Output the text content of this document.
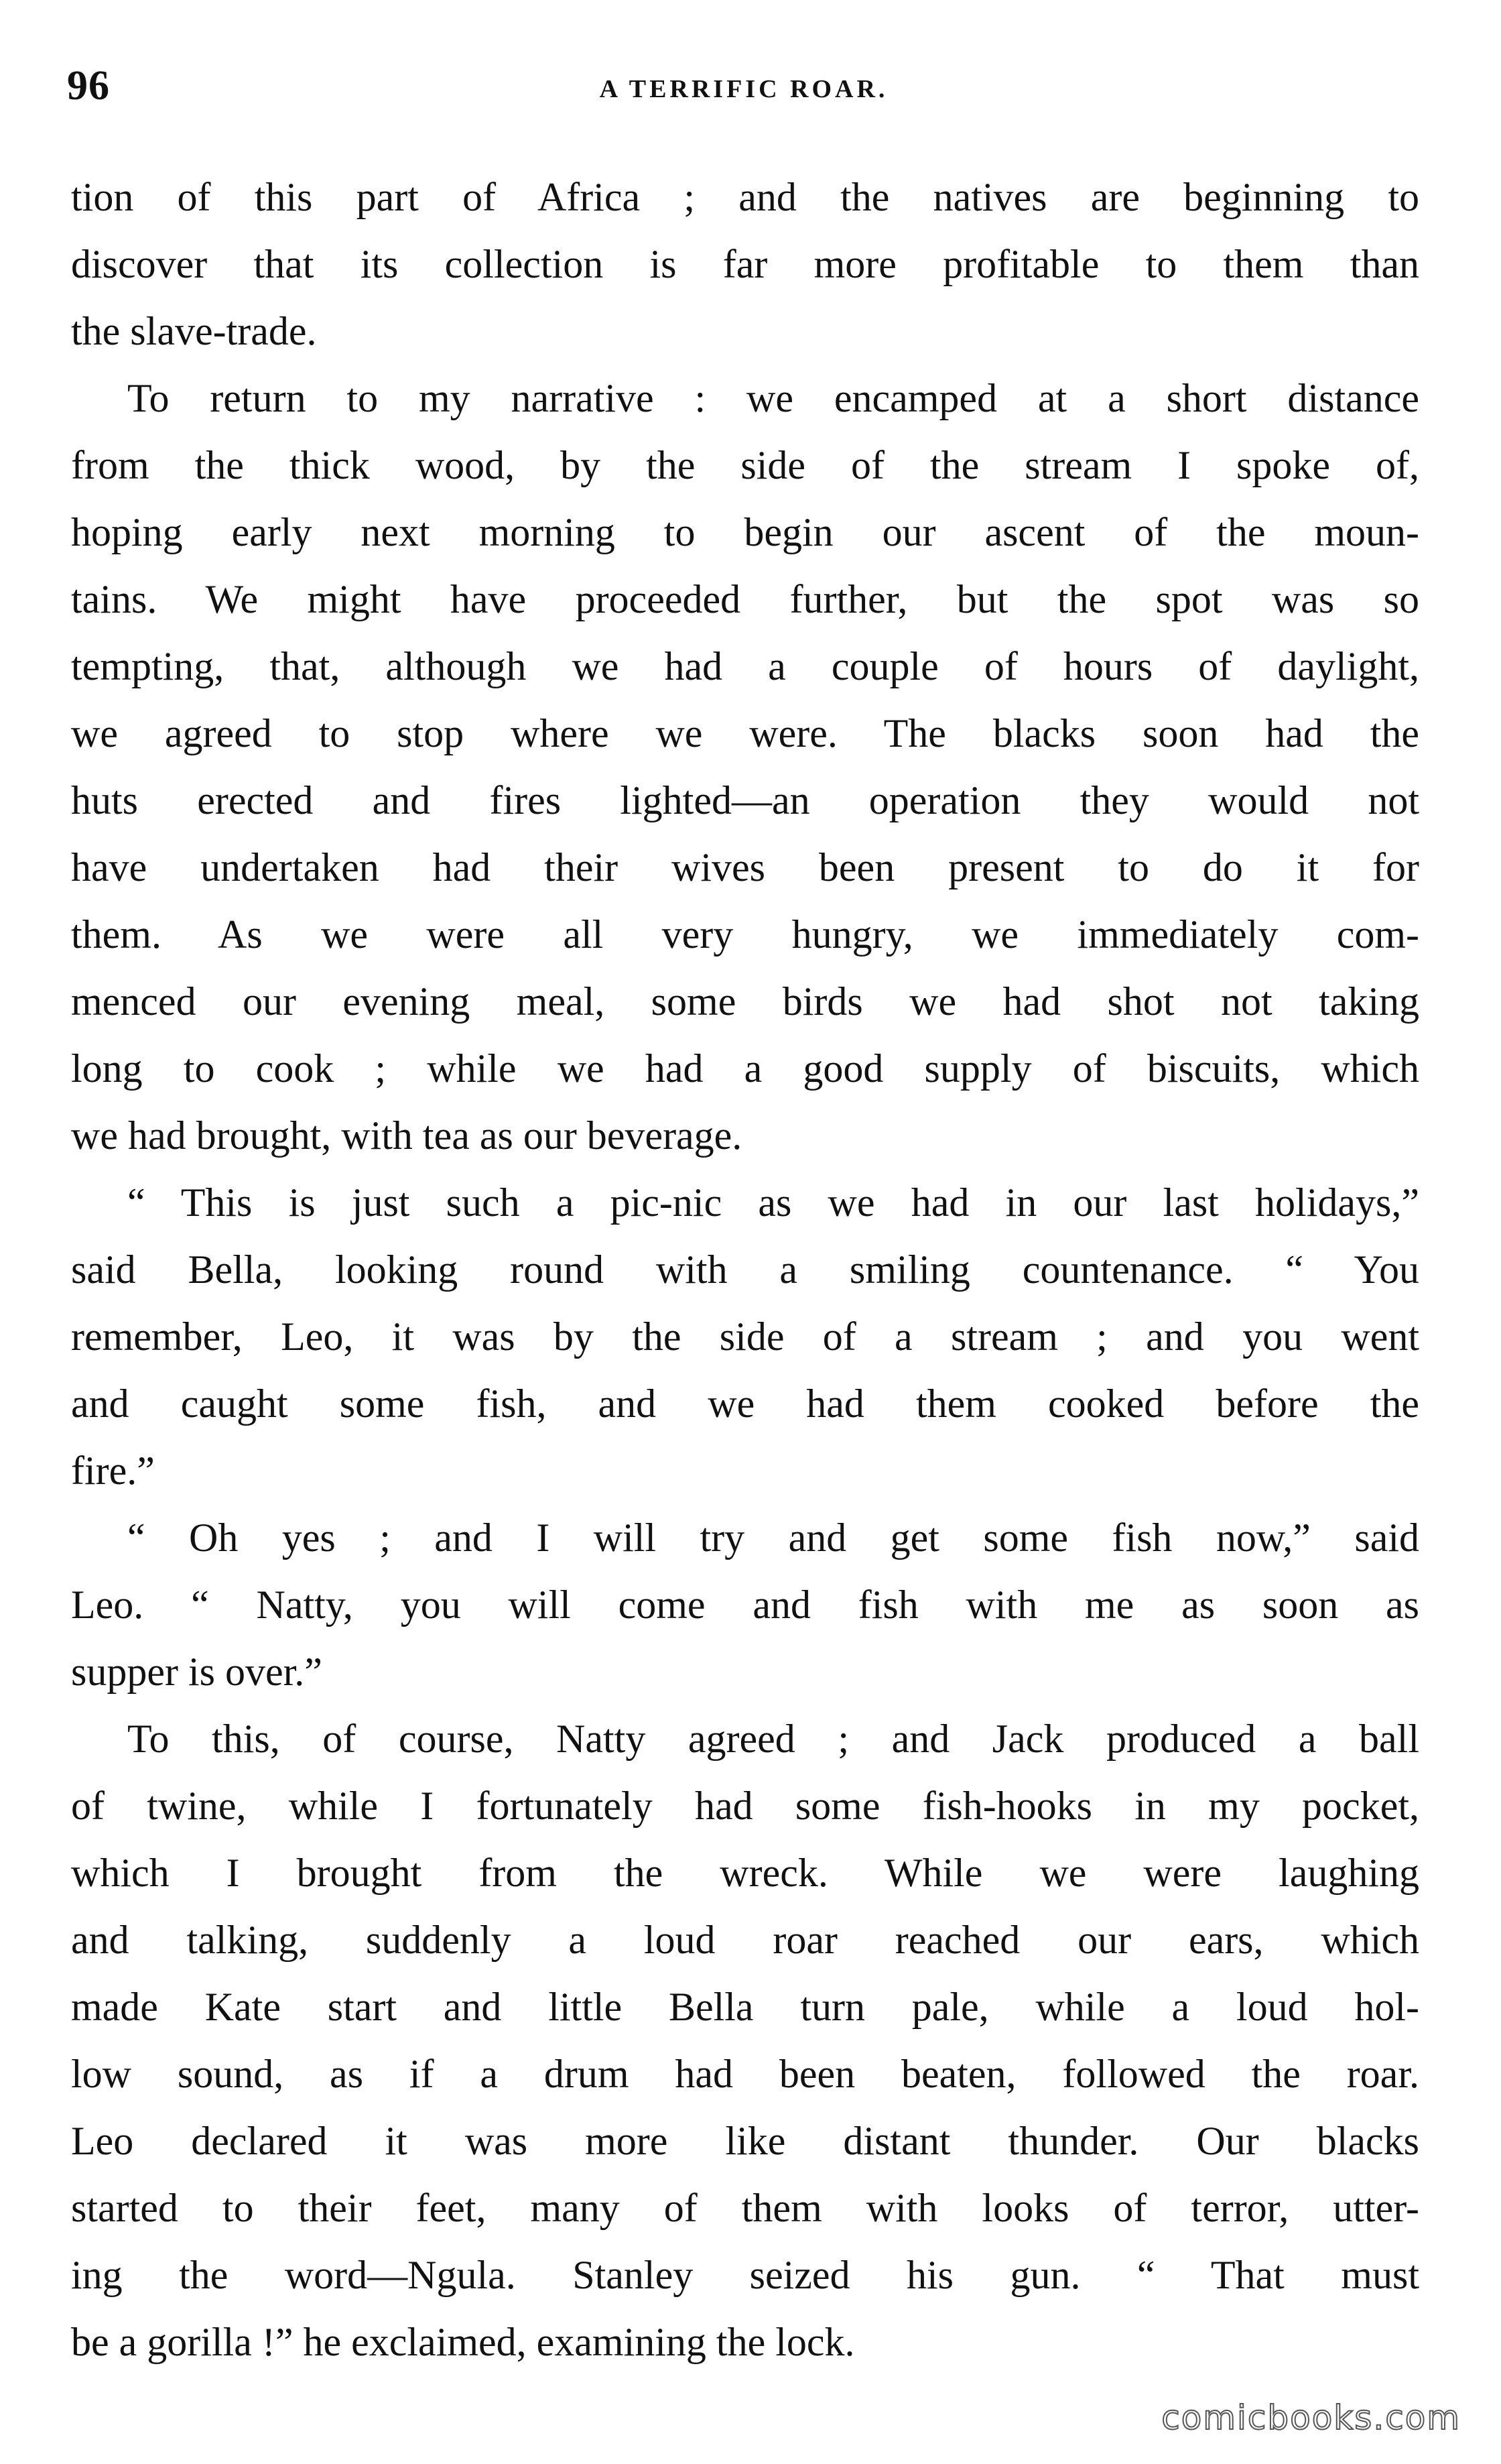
96	A TERRIFIC ROAR.

tion of this part of Africa ; and the natives are beginning to
discover that its collection is far more profitable to them than
the slave-trade.

To return to my narrative : we encamped at a short distance
from the thick wood, by the side of the stream I spoke of,
hoping early next morning to begin our ascent of the moun-
tains. We might have proceeded further, but the spot was so
tempting, that, although we had a couple of hours of daylight,
we agreed to stop where we were. The blacks soon had the
huts erected and fires lighted—an operation they would not
have undertaken had their wives been present to do it for
them. As we were all very hungry, we immediately com-
menced our evening meal, some birds we had shot not taking
long to cook ; while we had a good supply of biscuits, which
we had brought, with tea as our beverage.

“ This is just such a pic-nic as we had in our last holidays,”
said Bella, looking round with a smiling countenance. “ You
remember, Leo, it was by the side of a stream ; and you went
and caught some fish, and we had them cooked before the
fire.”

“ Oh yes ; and I will try and get some fish now,” said
Leo. “ Natty, you will come and fish with me as soon as
supper is over.”

To this, of course, Natty agreed ; and Jack produced a ball
of twine, while I fortunately had some fish-hooks in my pocket,
which I brought from the wreck. While we were laughing
and talking, suddenly a loud roar reached our ears, which
made Kate start and little Bella turn pale, while a loud hol-
low sound, as if a drum had been beaten, followed the roar.
Leo declared it was more like distant thunder. Our blacks
started to their feet, many of them with looks of terror, utter-
ing the word—Ngula. Stanley seized his gun. “ That must
be a gorilla !” he exclaimed, examining the lock.

comicbooks.com
